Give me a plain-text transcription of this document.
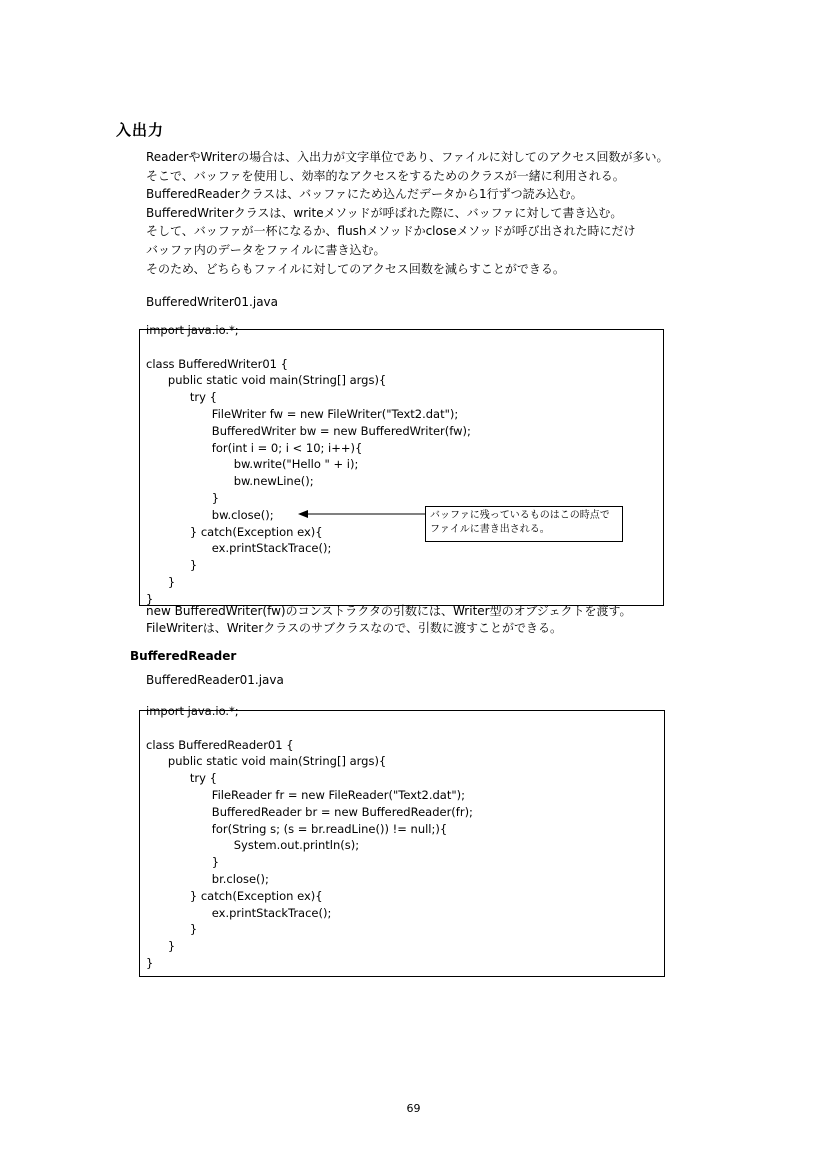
入出力
ReaderやWriterの場合は、入出力が文字単位であり、ファイルに対してのアクセス回数が多い。
そこで、バッファを使用し、効率的なアクセスをするためのクラスが一緒に利用される。
BufferedReaderクラスは、バッファにため込んだデータから1行ずつ読み込む。
BufferedWriterクラスは、writeメソッドが呼ばれた際に、バッファに対して書き込む。
そして、バッファが一杯になるか、flushメソッドかcloseメソッドが呼び出された時にだけ
バッファ内のデータをファイルに書き込む。
そのため、どちらもファイルに対してのアクセス回数を減らすことができる。
BufferedWriter01.java
import java.io.*;
class BufferedWriter01 {
public static void main(String[] args){
try {
FileWriter fw = new FileWriter("Text2.dat");
BufferedWriter bw = new BufferedWriter(fw);
for(int i = 0; i < 10; i++){
bw.write("Hello " + i);
bw.newLine();
}
bw.close();
} catch(Exception ex){
ex.printStackTrace();
}
}
}
バッファに残っているものはこの時点で
ファイルに書き出される。
new BufferedWriter(fw)のコンストラクタの引数には、Writer型のオブジェクトを渡す。
FileWriterは、Writerクラスのサブクラスなので、引数に渡すことができる。
BufferedReader
BufferedReader01.java
import java.io.*;
class BufferedReader01 {
public static void main(String[] args){
try {
FileReader fr = new FileReader("Text2.dat");
BufferedReader br = new BufferedReader(fr);
for(String s; (s = br.readLine()) != null;){
System.out.println(s);
}
br.close();
} catch(Exception ex){
ex.printStackTrace();
}
}
}
69
